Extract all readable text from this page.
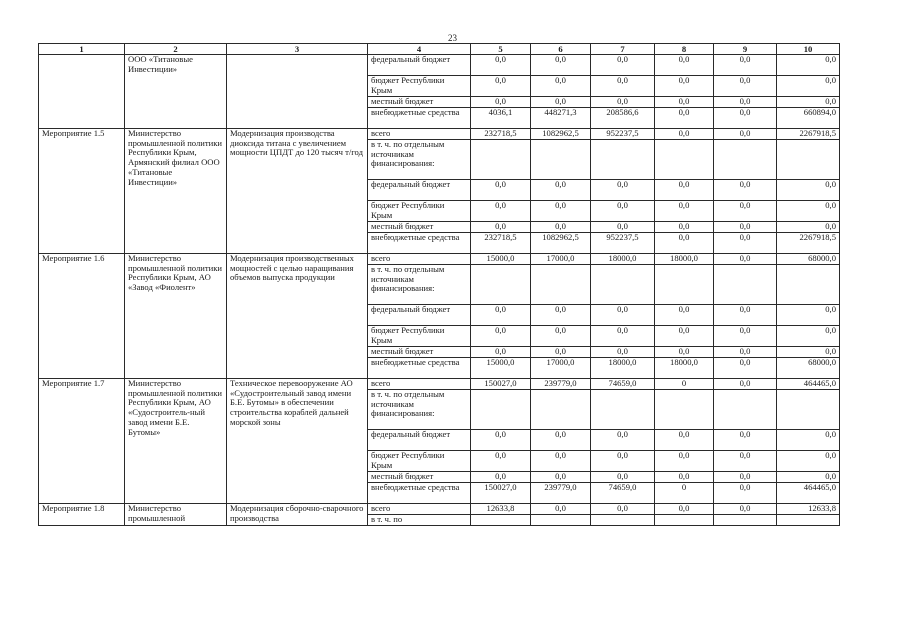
23
1	2	3	4	5	6	7	8	9	10
	ООО «Титановые Инвестиции»		федеральный бюджет	0,0	0,0	0,0	0,0	0,0	0,0
			бюджет Республики Крым	0,0	0,0	0,0	0,0	0,0	0,0
			местный бюджет	0,0	0,0	0,0	0,0	0,0	0,0
			внебюджетные средства	4036,1	448271,3	208586,6	0,0	0,0	660894,0
Мероприятие 1.5	Министерство промышленной политики Республики Крым, Армянский филиал ООО «Титановые Инвестиции»	Модернизация производства диоксида титана с увеличением мощности ЦПДТ до 120 тысяч т/год	всего	232718,5	1082962,5	952237,5	0,0	0,0	2267918,5
			в т. ч. по отдельным источникам финансирования:						
			федеральный бюджет	0,0	0,0	0,0	0,0	0,0	0,0
			бюджет Республики Крым	0,0	0,0	0,0	0,0	0,0	0,0
			местный бюджет	0,0	0,0	0,0	0,0	0,0	0,0
			внебюджетные средства	232718,5	1082962,5	952237,5	0,0	0,0	2267918,5
Мероприятие 1.6	Министерство промышленной политики Республики Крым, АО «Завод «Фиолент»	Модернизация производственных мощностей с целью наращивания объемов выпуска продукции	всего	15000,0	17000,0	18000,0	18000,0	0,0	68000,0
			в т. ч. по отдельным источникам финансирования:						
			федеральный бюджет	0,0	0,0	0,0	0,0	0,0	0,0
			бюджет Республики Крым	0,0	0,0	0,0	0,0	0,0	0,0
			местный бюджет	0,0	0,0	0,0	0,0	0,0	0,0
			внебюджетные средства	15000,0	17000,0	18000,0	18000,0	0,0	68000,0
Мероприятие 1.7	Министерство промышленной политики Республики Крым, АО «Судостроитель-ный завод имени Б.Е. Бутомы»	Техническое перевооружение АО «Судостроительный завод имени Б.Е. Бутомы» в обеспечении строительства кораблей дальней морской зоны	всего	150027,0	239779,0	74659,0	0	0,0	464465,0
			в т. ч. по отдельным источникам финансирования:						
			федеральный бюджет	0,0	0,0	0,0	0,0	0,0	0,0
			бюджет Республики Крым	0,0	0,0	0,0	0,0	0,0	0,0
			местный бюджет	0,0	0,0	0,0	0,0	0,0	0,0
			внебюджетные средства	150027,0	239779,0	74659,0	0	0,0	464465,0
Мероприятие 1.8	Министерство промышленной	Модернизация сборочно-сварочного производства	всего	12633,8	0,0	0,0	0,0	0,0	12633,8
			в т. ч. по						
